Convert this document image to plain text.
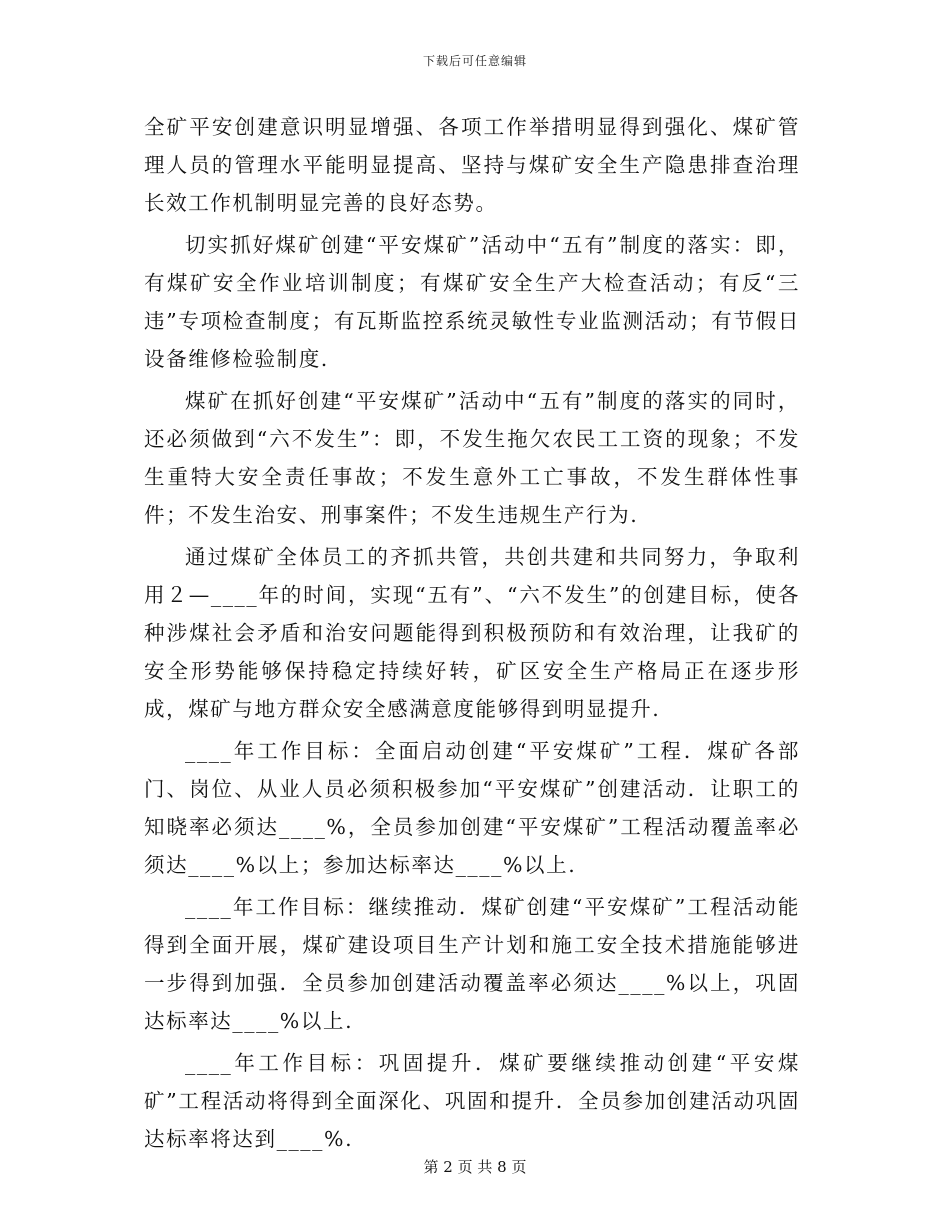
下载后可任意编辑

全矿平安创建意识明显增强、各项工作举措明显得到强化、煤矿管理人员的管理水平能明显提高、坚持与煤矿安全生产隐患排查治理长效工作机制明显完善的良好态势。

切实抓好煤矿创建“平安煤矿”活动中“五有”制度的落实：即，有煤矿安全作业培训制度；有煤矿安全生产大检查活动；有反“三违”专项检查制度；有瓦斯监控系统灵敏性专业监测活动；有节假日设备维修检验制度.

煤矿在抓好创建“平安煤矿”活动中“五有”制度的落实的同时，还必须做到“六不发生”：即，不发生拖欠农民工工资的现象；不发生重特大安全责任事故；不发生意外工亡事故，不发生群体性事件；不发生治安、刑事案件；不发生违规生产行为.

通过煤矿全体员工的齐抓共管，共创共建和共同努力，争取利用２—____年的时间，实现“五有”、“六不发生”的创建目标，使各种涉煤社会矛盾和治安问题能得到积极预防和有效治理，让我矿的安全形势能够保持稳定持续好转，矿区安全生产格局正在逐步形成，煤矿与地方群众安全感满意度能够得到明显提升.

____年工作目标：全面启动创建“平安煤矿”工程．煤矿各部门、岗位、从业人员必须积极参加“平安煤矿”创建活动．让职工的知晓率必须达____%，全员参加创建“平安煤矿”工程活动覆盖率必须达____%以上；参加达标率达____%以上.

____年工作目标：继续推动．煤矿创建“平安煤矿”工程活动能得到全面开展，煤矿建设项目生产计划和施工安全技术措施能够进一步得到加强．全员参加创建活动覆盖率必须达____%以上，巩固达标率达____%以上.

____年工作目标：巩固提升．煤矿要继续推动创建“平安煤矿”工程活动将得到全面深化、巩固和提升．全员参加创建活动巩固达标率将达到____%.

第 2 页 共 8 页
